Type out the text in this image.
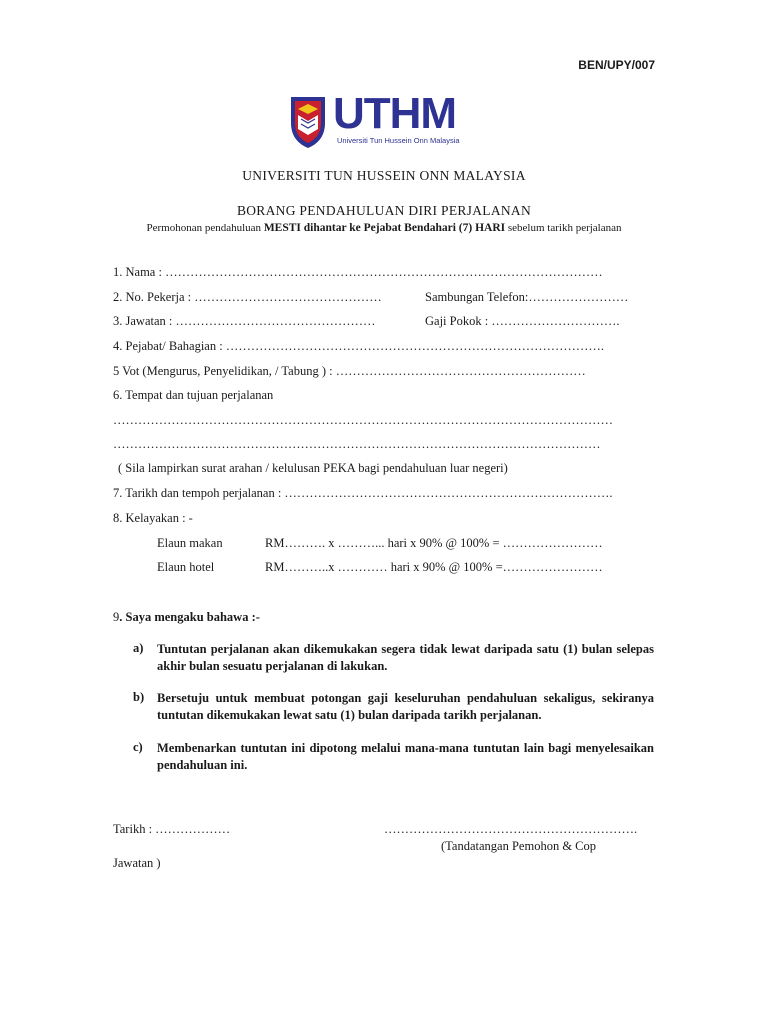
BEN/UPY/007
UTHM
Universiti Tun Hussein Onn Malaysia
UNIVERSITI TUN HUSSEIN ONN MALAYSIA
BORANG PENDAHULUAN DIRI PERJALANAN
Permohonan pendahuluan MESTI dihantar ke Pejabat Bendahari (7) HARI sebelum tarikh perjalanan
1. Nama : ……………………………………………………………………………………………
2. No. Pekerja : ………………………………………	Sambungan Telefon:……………………
3. Jawatan : …………………………………………	Gaji Pokok : ………………………….
4. Pejabat/ Bahagian : ……………………………………………………………………………….
5 Vot (Mengurus, Penyelidikan, / Tabung ) : ……………………………………………………
6. Tempat dan tujuan perjalanan
…………………………………………………………………………………………………………
………………………………………………………………………………………………………
( Sila lampirkan surat arahan / kelulusan PEKA bagi pendahuluan luar negeri)
7. Tarikh dan tempoh perjalanan : …………………………………………………………………….
8. Kelayakan : -
Elaun makan	RM………. x ………... hari x 90% @ 100% = ……………………
Elaun hotel	RM………..x ………… hari x 90% @ 100% =……………………
9. Saya mengaku bahawa :-
a) Tuntutan perjalanan akan dikemukakan segera tidak lewat daripada satu (1) bulan selepas akhir bulan sesuatu perjalanan di lakukan.
b) Bersetuju untuk membuat potongan gaji keseluruhan pendahuluan sekaligus, sekiranya tuntutan dikemukakan lewat satu (1) bulan daripada tarikh perjalanan.
c) Membenarkan tuntutan ini dipotong melalui mana-mana tuntutan lain bagi menyelesaikan pendahuluan ini.
Tarikh : ………………	…………………………………………………….
(Tandatangan Pemohon & Cop
Jawatan )
